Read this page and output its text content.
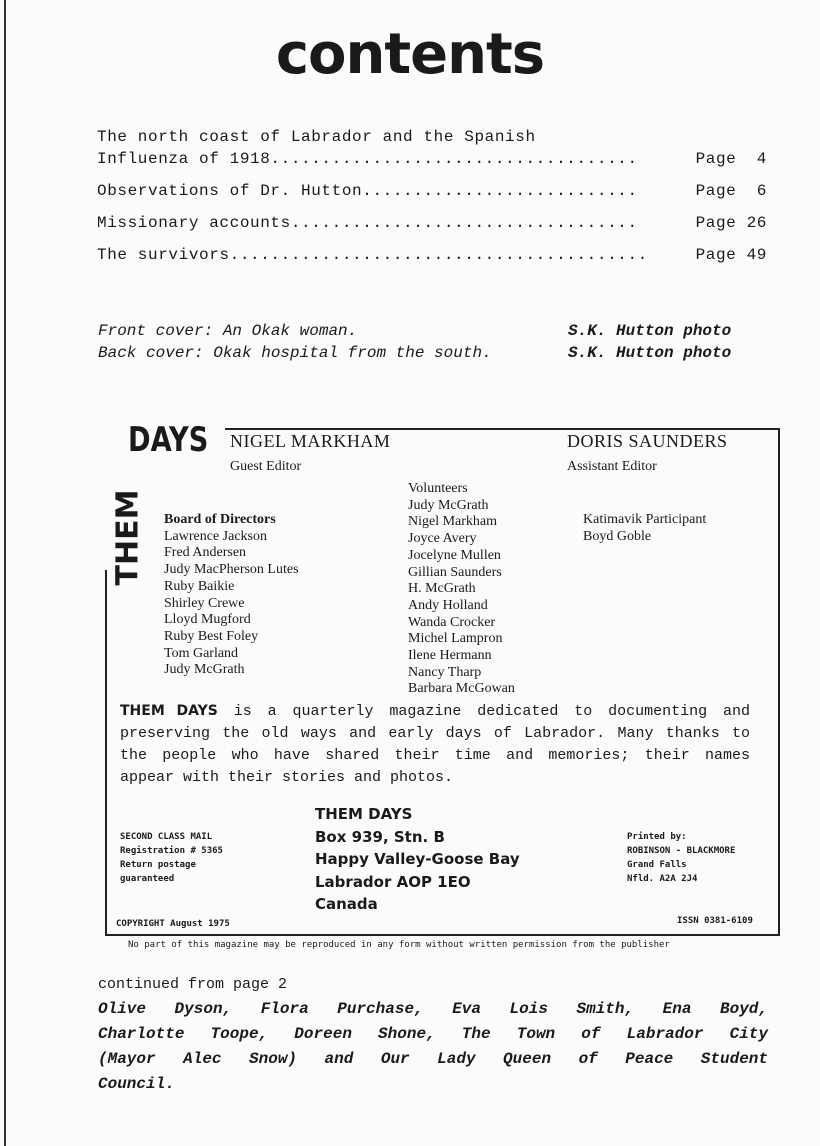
contents
The north coast of Labrador and the Spanish
Influenza of 1918....................................	Page  4
Observations of Dr. Hutton...........................	Page  6
Missionary accounts..................................	Page 26
The survivors.........................................	Page 49
Front cover: An Okak woman.	S.K. Hutton photo
Back cover: Okak hospital from the south.	S.K. Hutton photo
DAYS
THEM
NIGEL MARKHAM
Guest Editor
DORIS SAUNDERS
Assistant Editor
Board of Directors
Lawrence Jackson
Fred Andersen
Judy MacPherson Lutes
Ruby Baikie
Shirley Crewe
Lloyd Mugford
Ruby Best Foley
Tom Garland
Judy McGrath
Volunteers
Judy McGrath
Nigel Markham
Joyce Avery
Jocelyne Mullen
Gillian Saunders
H. McGrath
Andy Holland
Wanda Crocker
Michel Lampron
Ilene Hermann
Nancy Tharp
Barbara McGowan
Katimavik Participant
Boyd Goble
THEM DAYS is a quarterly magazine dedicated to documenting and preserving the old ways and early days of Labrador. Many thanks to the people who have shared their time and memories; their names appear with their stories and photos.
SECOND CLASS MAIL
Registration # 5365
Return postage
guaranteed
THEM DAYS
Box 939, Stn. B
Happy Valley-Goose Bay
Labrador AOP 1EO
Canada
Printed by:
ROBINSON - BLACKMORE
Grand Falls
Nfld. A2A 2J4
COPYRIGHT August 1975	ISSN 0381-6109
No part of this magazine may be reproduced in any form without written permission from the publisher
continued from page 2
Olive Dyson, Flora Purchase, Eva Lois Smith, Ena Boyd,
Charlotte Toope, Doreen Shone, The Town of Labrador City
(Mayor Alec Snow) and Our Lady Queen of Peace Student
Council.
